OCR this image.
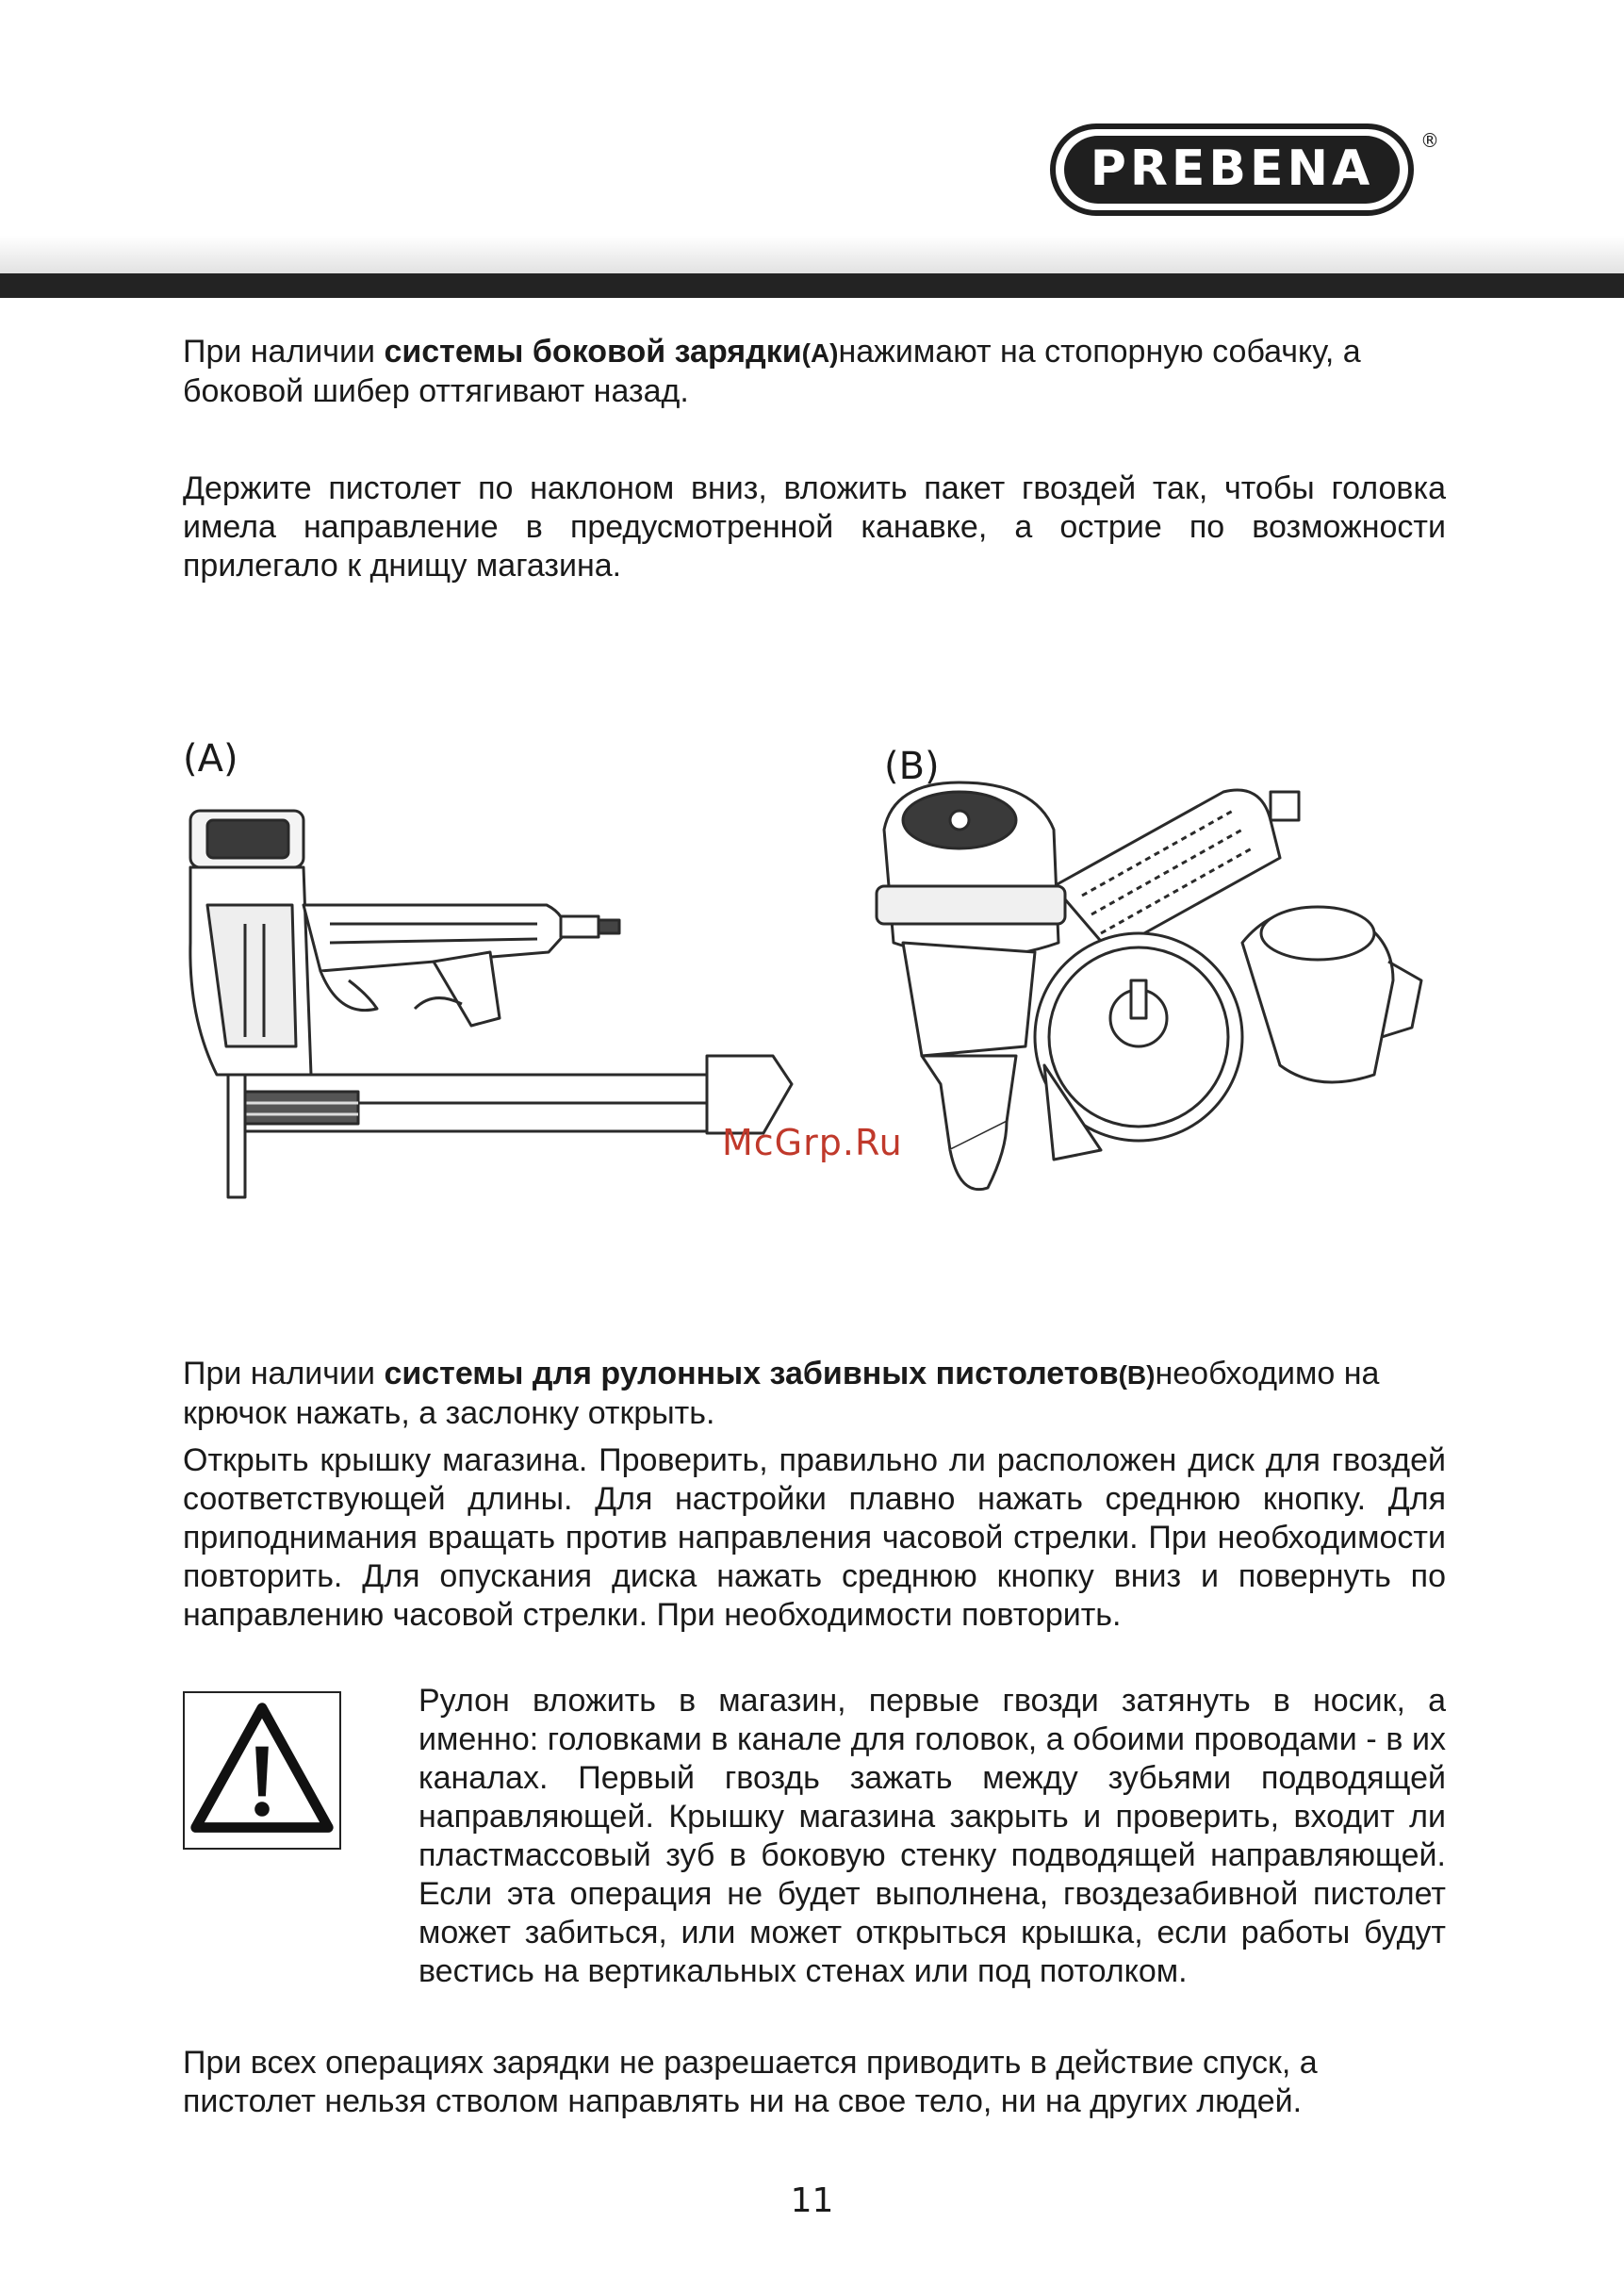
PREBENA ®

При наличии системы боковой зарядки(A)нажимают на стопорную собачку, а боковой шибер оттягивают назад.

Держите пистолет по наклоном вниз, вложить пакет гвоздей так, чтобы головка имела направление в предусмотренной канавке, а острие по возможности прилегало к днищу магазина.

(A)	(B)
McGrp.Ru

При наличии системы для рулонных забивных пистолетов(B)необходимо на крючок нажать, а заслонку открыть.

Открыть крышку магазина. Проверить, правильно ли расположен диск для гвоздей соответствующей длины. Для настройки плавно нажать среднюю кнопку. Для приподнимания вращать против направления часовой стрелки. При необходимости повторить. Для опускания диска нажать среднюю кнопку вниз и повернуть по направлению часовой стрелки. При необходимости повторить.

Рулон вложить в магазин, первые гвозди затянуть в носик, а именно: головками в канале для головок, а обоими проводами - в их каналах. Первый гвоздь зажать между зубьями подводящей направляющей. Крышку магазина закрыть и проверить, входит ли пластмассовый зуб в боковую стенку подводящей направляющей. Если эта операция не будет выполнена, гвоздезабивной пистолет может забиться, или может открыться крышка, если работы будут вестись на вертикальных стенах или под потолком.

При всех операциях зарядки не разрешается приводить в действие спуск, а пистолет нельзя стволом направлять ни на свое тело, ни на других людей.

11
